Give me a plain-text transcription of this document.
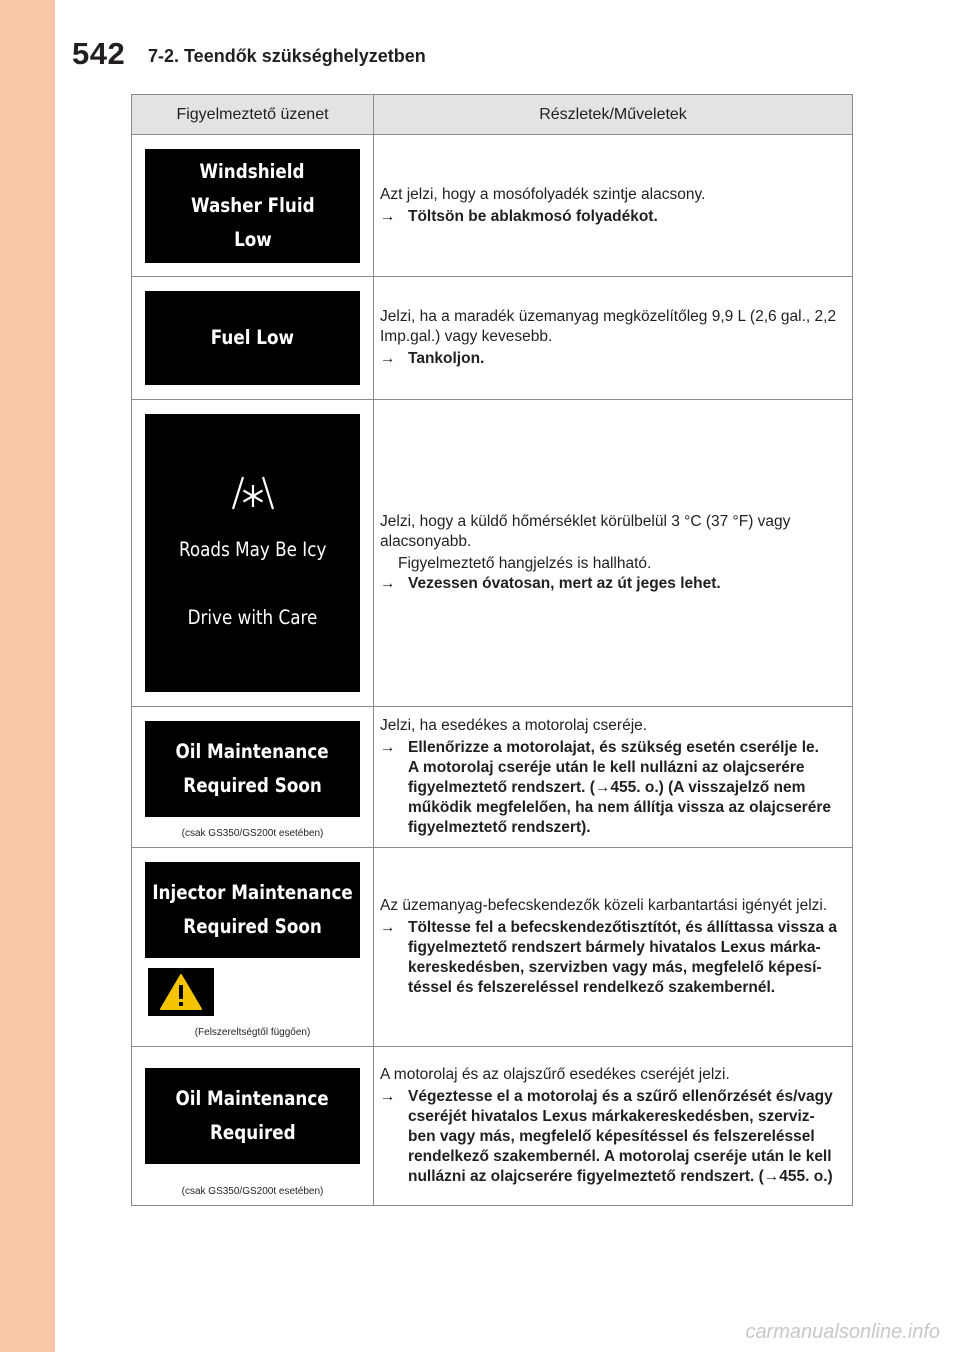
542 7-2. Teendők szükséghelyzetben
Figyelmeztető üzenet	Részletek/Műveletek
Windshield
Washer Fluid
Low
Azt jelzi, hogy a mosófolyadék szintje alacsony.
→ Töltsön be ablakmosó folyadékot.
Fuel Low
Jelzi, ha a maradék üzemanyag megközelítőleg 9,9 L (2,6 gal., 2,2 Imp.gal.) vagy kevesebb.
→ Tankoljon.
Roads May Be Icy
Drive with Care
Jelzi, hogy a küldő hőmérséklet körülbelül 3 °C (37 °F) vagy alacsonyabb.
Figyelmeztető hangjelzés is hallható.
→ Vezessen óvatosan, mert az út jeges lehet.
Oil Maintenance
Required Soon
(csak GS350/GS200t esetében)
Jelzi, ha esedékes a motorolaj cseréje.
→ Ellenőrizze a motorolajat, és szükség esetén cserélje le.
A motorolaj cseréje után le kell nullázni az olajcserére figyelmeztető rendszert. (→455. o.) (A visszajelző nem működik megfelelően, ha nem állítja vissza az olajcserére figyelmeztető rendszert).
Injector Maintenance
Required Soon
(Felszereltségtől függően)
Az üzemanyag-befecskendezők közeli karbantartási igényét jelzi.
→ Töltesse fel a befecskendezőtisztítót, és állíttassa vissza a figyelmeztető rendszert bármely hivatalos Lexus márka-kereskedésben, szervizben vagy más, megfelelő képesí-téssel és felszereléssel rendelkező szakembernél.
Oil Maintenance
Required
(csak GS350/GS200t esetében)
A motorolaj és az olajszűrő esedékes cseréjét jelzi.
→ Végeztesse el a motorolaj és a szűrő ellenőrzését és/vagy cseréjét hivatalos Lexus márkakereskedésben, szerviz-ben vagy más, megfelelő képesítéssel és felszereléssel rendelkező szakembernél. A motorolaj cseréje után le kell nullázni az olajcserére figyelmeztető rendszert. (→455. o.)
carmanualsonline.info
